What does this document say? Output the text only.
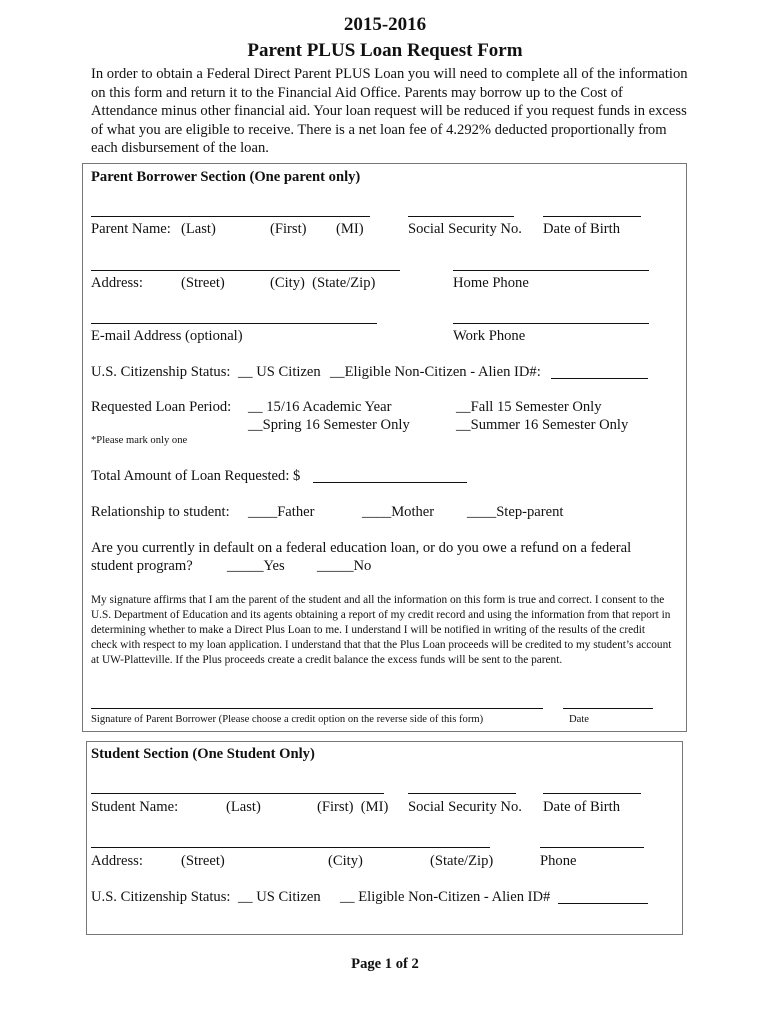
2015-2016
Parent PLUS Loan Request Form
In order to obtain a Federal Direct Parent PLUS Loan you will need to complete all of the information on this form and return it to the Financial Aid Office. Parents may borrow up to the Cost of Attendance minus other financial aid. Your loan request will be reduced if you request funds in excess of what you are eligible to receive. There is a net loan fee of 4.292% deducted proportionally from each disbursement of the loan.
Parent Borrower Section (One parent only)
Parent Name: (Last)	(First) (MI)	Social Security No. Date of Birth
Address:	(Street)	(City)  (State/Zip)	Home Phone
E-mail Address (optional)	Work Phone
U.S. Citizenship Status: __ US Citizen __Eligible Non-Citizen - Alien ID#:
Requested Loan Period: __ 15/16 Academic Year	__Fall 15 Semester Only
__Spring 16 Semester Only	__Summer 16 Semester Only
*Please mark only one
Total Amount of Loan Requested: $
Relationship to student: ____Father	____Mother ____Step-parent
Are you currently in default on a federal education loan, or do you owe a refund on a federal
student program? _____Yes _____No
My signature affirms that I am the parent of the student and all the information on this form is true and correct. I consent to the U.S. Department of Education and its agents obtaining a report of my credit record and using the information from that report in determining whether to make a Direct Plus Loan to me. I understand I will be notified in writing of the results of the credit check with respect to my loan application. I understand that that the Plus Loan proceeds will be credited to my student’s account at UW-Platteville. If the Plus proceeds create a credit balance the excess funds will be sent to the parent.
Signature of Parent Borrower (Please choose a credit option on the reverse side of this form)	Date
Student Section (One Student Only)
Student Name:	(Last)	(First)  (MI) Social Security No. Date of Birth
Address:	(Street)	(City)	(State/Zip)	Phone
U.S. Citizenship Status: __ US Citizen __ Eligible Non-Citizen - Alien ID#
Page 1 of 2
